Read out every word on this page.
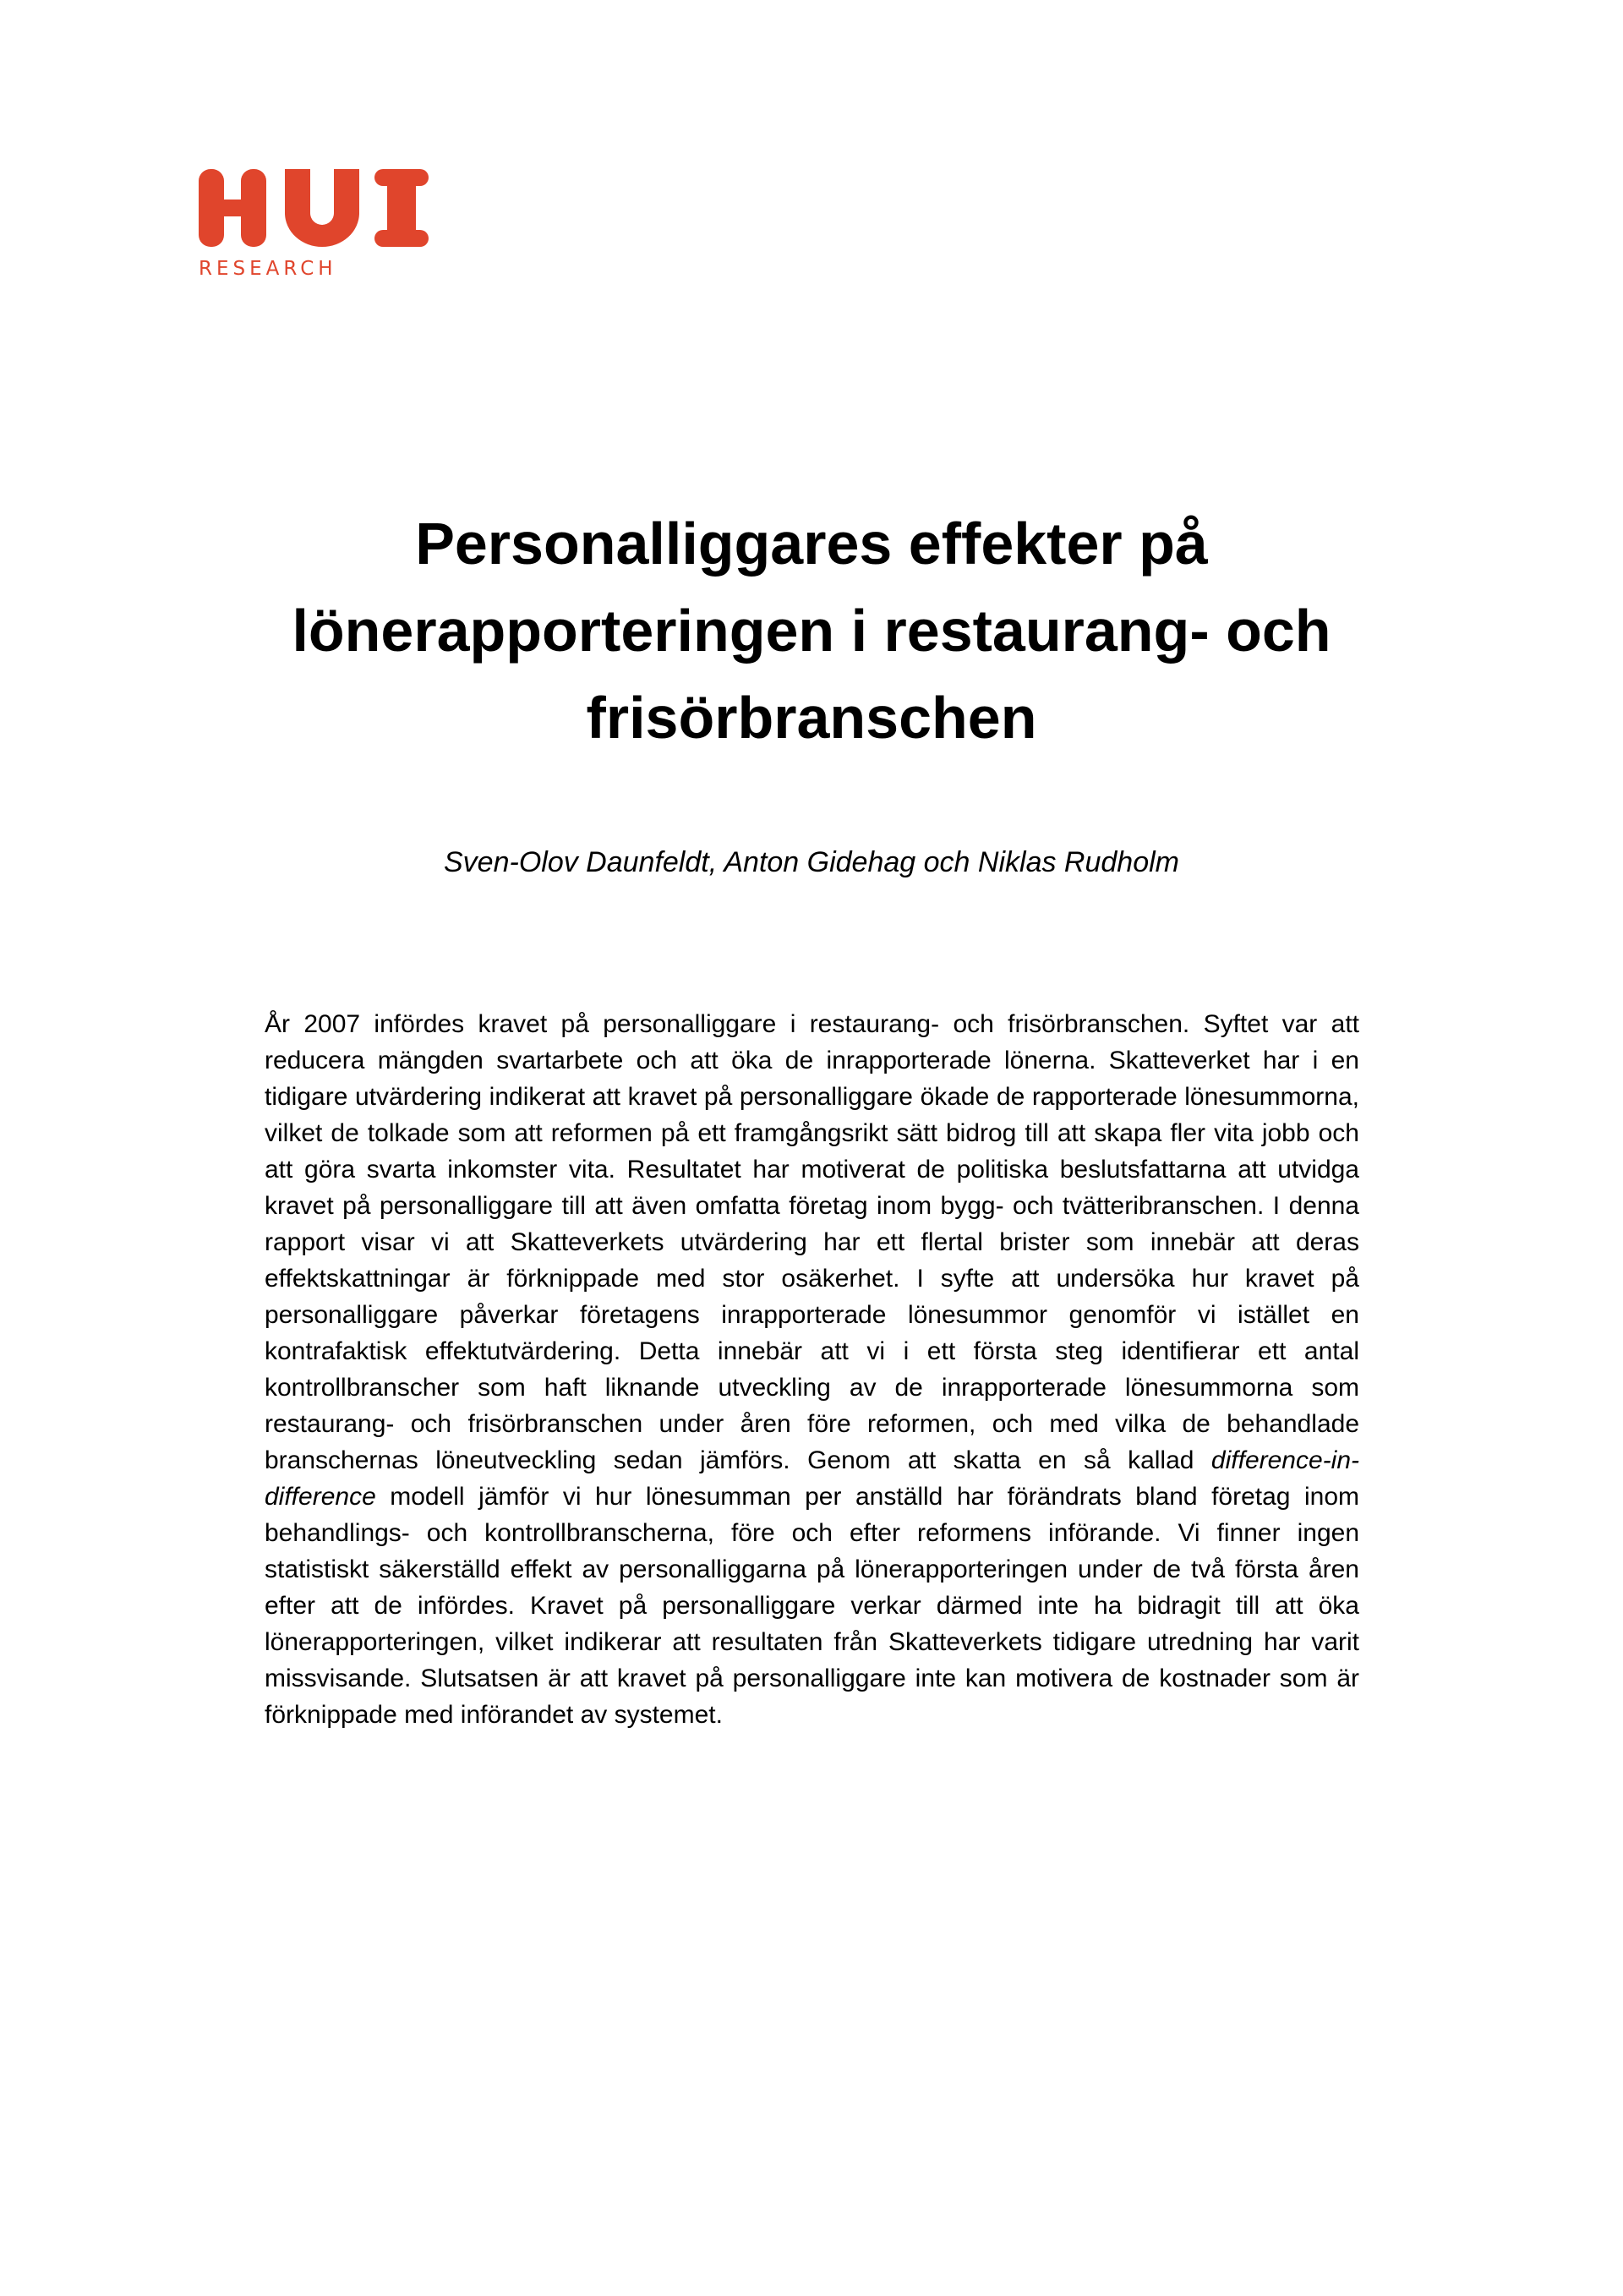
RESEARCH
Personalliggares effekter på
lönerapporteringen i restaurang- och
frisörbranschen
Sven-Olov Daunfeldt, Anton Gidehag och Niklas Rudholm

År 2007 infördes kravet på personalliggare i restaurang- och frisörbranschen. Syftet var att reducera mängden svartarbete och att öka de inrapporterade lönerna. Skatteverket har i en tidigare utvärdering indikerat att kravet på personalliggare ökade de rapporterade lönesummorna, vilket de tolkade som att reformen på ett framgångsrikt sätt bidrog till att skapa fler vita jobb och att göra svarta inkomster vita. Resultatet har motiverat de politiska beslutsfattarna att utvidga kravet på personalliggare till att även omfatta företag inom bygg- och tvätteribranschen. I denna rapport visar vi att Skatteverkets utvärdering har ett flertal brister som innebär att deras effektskattningar är förknippade med stor osäkerhet. I syfte att undersöka hur kravet på personalliggare påverkar företagens inrapporterade lönesummor genomför vi istället en kontrafaktisk effektutvärdering. Detta innebär att vi i ett första steg identifierar ett antal kontrollbranscher som haft liknande utveckling av de inrapporterade lönesummorna som restaurang- och frisörbranschen under åren före reformen, och med vilka de behandlade branschernas löneutveckling sedan jämförs. Genom att skatta en så kallad difference-in-difference modell jämför vi hur lönesumman per anställd har förändrats bland företag inom behandlings- och kontrollbranscherna, före och efter reformens införande. Vi finner ingen statistiskt säkerställd effekt av personalliggarna på lönerapporteringen under de två första åren efter att de infördes. Kravet på personalliggare verkar därmed inte ha bidragit till att öka lönerapporteringen, vilket indikerar att resultaten från Skatteverkets tidigare utredning har varit missvisande. Slutsatsen är att kravet på personalliggare inte kan motivera de kostnader som är förknippade med införandet av systemet.
